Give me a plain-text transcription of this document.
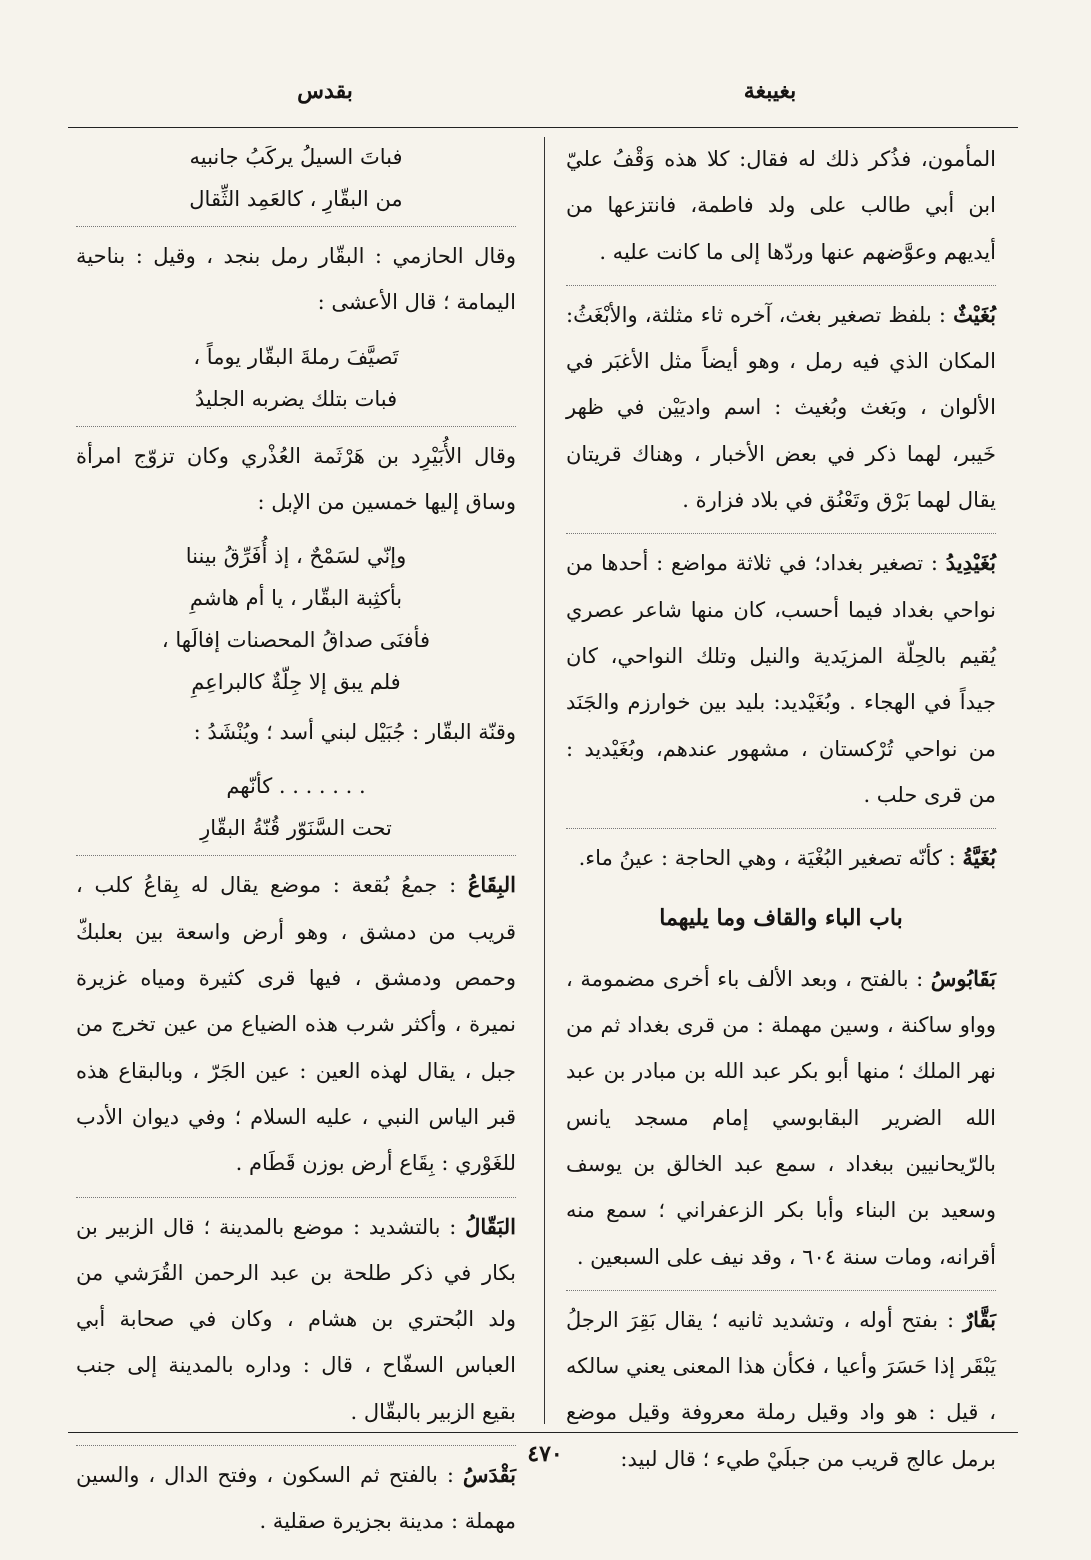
بغيبغة
بقدس

المأمون، فذُكر ذلك له فقال: كلا هذه وَقْفُ عليّ ابن أبي طالب على ولد فاطمة، فانتزعها من أيديهم وعوَّضهم عنها وردّها إلى ما كانت عليه .

بُغَيْثٌ : بلفظ تصغير بغث، آخره ثاء مثلثة، والأبْغَثُ: المكان الذي فيه رمل ، وهو أيضاً مثل الأغبَر في الألوان ، وبَغث وبُغيث : اسم واديَيْن في ظهر خَيبر، لهما ذكر في بعض الأخبار ، وهناك قريتان يقال لهما بَرْق وتَعْنُق في بلاد فزارة .

بُغَيْدِيدُ : تصغير بغداد؛ في ثلاثة مواضع : أحدها من نواحي بغداد فيما أحسب، كان منها شاعر عصري يُقيم بالحِلّة المزيَدية والنيل وتلك النواحي، كان جيداً في الهجاء . وبُغَيْديد: بليد بين خوارزم والجَنَد من نواحي تُرْكستان ، مشهور عندهم، وبُغَيْديد : من قرى حلب .

بُغَيَّةُ : كأنّه تصغير البُغْيَة ، وهي الحاجة : عينُ ماء.

باب الباء والقاف وما يليهما

بَقَابُوسُ : بالفتح ، وبعد الألف باء أخرى مضمومة ، وواو ساكنة ، وسين مهملة : من قرى بغداد ثم من نهر الملك ؛ منها أبو بكر عبد الله بن مبادر بن عبد الله الضرير البقابوسي إمام مسجد يانس بالرّيحانيين ببغداد ، سمع عبد الخالق بن يوسف وسعيد بن البناء وأبا بكر الزعفراني ؛ سمع منه أقرانه، ومات سنة ٦٠٤ ، وقد نيف على السبعين .

بَقَّارٌ : بفتح أوله ، وتشديد ثانيه ؛ يقال بَقِرَ الرجلُ يَبْقَر إذا حَسَرَ وأعيا ، فكأن هذا المعنى يعني سالكه ، قيل : هو واد وقيل رملة معروفة وقيل موضع برمل عالج قريب من جبلَيْ طيء ؛ قال لبيد:

فباتَ السيلُ يركَبُ جانبيه
من البقّارِ ، كالعَمِد الثِّقال

وقال الحازمي : البقّار رمل بنجد ، وقيل : بناحية اليمامة ؛ قال الأعشى :

تَصيَّفَ رملةَ البقّار يوماً ،
فبات بتلك يضربه الجليدُ

وقال الأُبَيْرِد بن هَرْثَمة العُذْري وكان تزوّج امرأة وساق إليها خمسين من الإبل :

وإنّي لسَمْحٌ ، إذ أُفَرِّقُ بيننا
بأكثِبة البقّار ، يا أم هاشمِ
فأفنَى صداقُ المحصنات إفالَها ،
فلم يبق إلا جِلّةٌ كالبراعِمِ

وقنّة البقّار : جُبَيْل لبني أسد ؛ ويُنْشَدُ :

. . . . . . . كأنّهم
تحت السَّنَوّر قُنّةُ البقّارِ

البِقَاعُ : جمعُ بُقعة : موضع يقال له بِقاعُ كلب ، قريب من دمشق ، وهو أرض واسعة بين بعلبكّ وحمص ودمشق ، فيها قرى كثيرة ومياه غزيرة نميرة ، وأكثر شرب هذه الضياع من عين تخرج من جبل ، يقال لهذه العين : عين الجَرّ ، وبالبقاع هذه قبر الياس النبي ، عليه السلام ؛ وفي ديوان الأدب للغَوْري : بِقَاع أرض بوزن قَطَام .

البَقّالُ : بالتشديد : موضع بالمدينة ؛ قال الزبير بن بكار في ذكر طلحة بن عبد الرحمن القُرَشي من ولد البُحتري بن هشام ، وكان في صحابة أبي العباس السفّاح ، قال : وداره بالمدينة إلى جنب بقيع الزبير بالبقّال .

بَقْدَسُ : بالفتح ثم السكون ، وفتح الدال ، والسين مهملة : مدينة بجزيرة صقلية .

٤٧٠
